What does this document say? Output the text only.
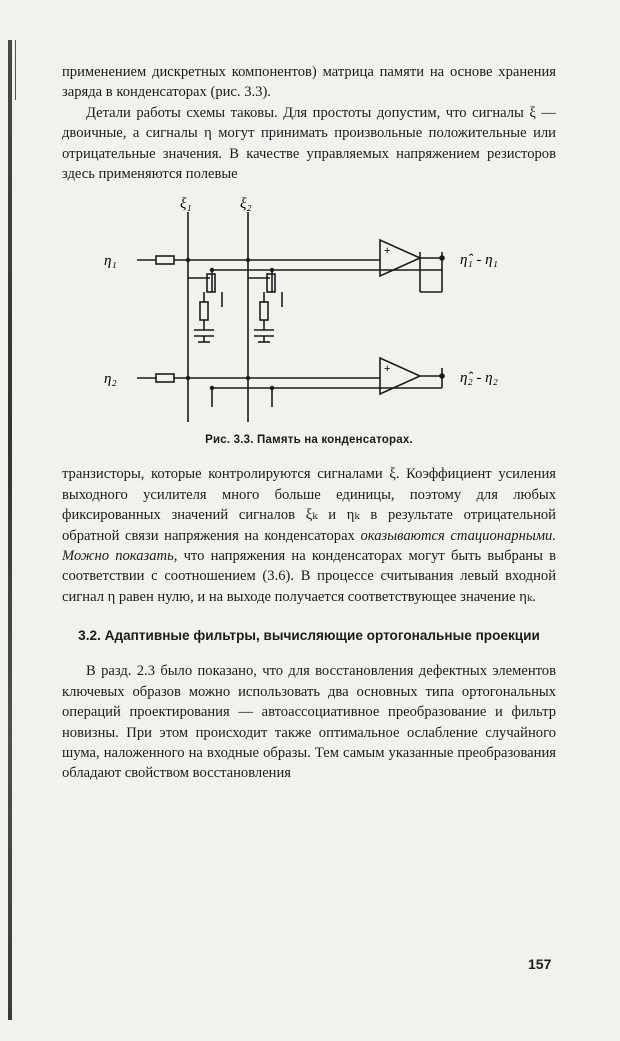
применением дискретных компонентов) матрица памяти на основе хранения заряда в конденсаторах (рис. 3.3).

Детали работы схемы таковы. Для простоты допустим, что сигналы ξ — двоичные, а сигналы η могут принимать произвольные положительные или отрицательные значения. В качестве управляемых напряжением резисторов здесь применяются полевые

+
+
ξ₁	ξ₂
η₁
η₂
η̂₁ - η₁
η̂₂ - η₂
Рис. 3.3. Память на конденсаторах.

транзисторы, которые контролируются сигналами ξ. Коэффициент усиления выходного усилителя много больше единицы, поэтому для любых фиксированных значений сигналов ξₖ и ηₖ в результате отрицательной обратной связи напряжения на конденсаторах оказываются стационарными. Можно показать, что напряжения на конденсаторах могут быть выбраны в соответствии с соотношением (3.6). В процессе считывания левый входной сигнал η равен нулю, и на выходе получается соответствующее значение ηₖ.

3.2. Адаптивные фильтры, вычисляющие ортогональные проекции

В разд. 2.3 было показано, что для восстановления дефектных элементов ключевых образов можно использовать два основных типа ортогональных операций проектирования — автоассоциативное преобразование и фильтр новизны. При этом происходит также оптимальное ослабление случайного шума, наложенного на входные образы. Тем самым указанные преобразования обладают свойством восстановления

157
